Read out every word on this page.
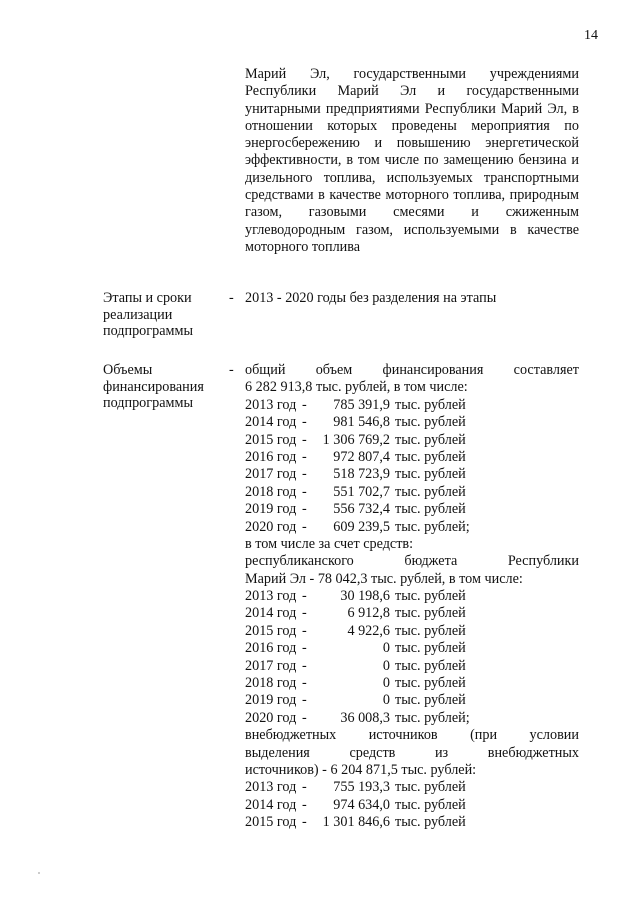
14

Марий Эл, государственными учреждениями Республики Марий Эл и государственными унитарными предприятиями Республики Марий Эл, в отношении которых проведены мероприятия по энергосбережению и повышению энергетической эффективности, в том числе по замещению бензина и дизельного топлива, используемых транспортными средствами в качестве моторного топлива, природным газом, газовыми смесями и сжиженным углеводородным газом, используемыми в качестве моторного топлива

Этапы и сроки реализации подпрограммы
- 2013 - 2020 годы без разделения на этапы
Объемы финансирования подпрограммы
- общий объем финансирования составляет
6 282 913,8 тыс. рублей, в том числе:
2013 год - 785 391,9 тыс. рублей
2014 год - 981 546,8 тыс. рублей
2015 год - 1 306 769,2 тыс. рублей
2016 год - 972 807,4 тыс. рублей
2017 год - 518 723,9 тыс. рублей
2018 год - 551 702,7 тыс. рублей
2019 год - 556 732,4 тыс. рублей
2020 год - 609 239,5 тыс. рублей;
в том числе за счет средств:
республиканского бюджета Республики
Марий Эл - 78 042,3 тыс. рублей, в том числе:
2013 год - 30 198,6 тыс. рублей
2014 год -	6 912,8 тыс. рублей
2015 год -	4 922,6 тыс. рублей
2016 год -	0 тыс. рублей
2017 год -	0 тыс. рублей
2018 год -	0 тыс. рублей
2019 год -	0 тыс. рублей
2020 год - 36 008,3 тыс. рублей;
внебюджетных источников (при условии
выделения средств из внебюджетных
источников) - 6 204 871,5 тыс. рублей:
2013 год - 755 193,3 тыс. рублей
2014 год - 974 634,0 тыс. рублей
2015 год - 1 301 846,6 тыс. рублей
